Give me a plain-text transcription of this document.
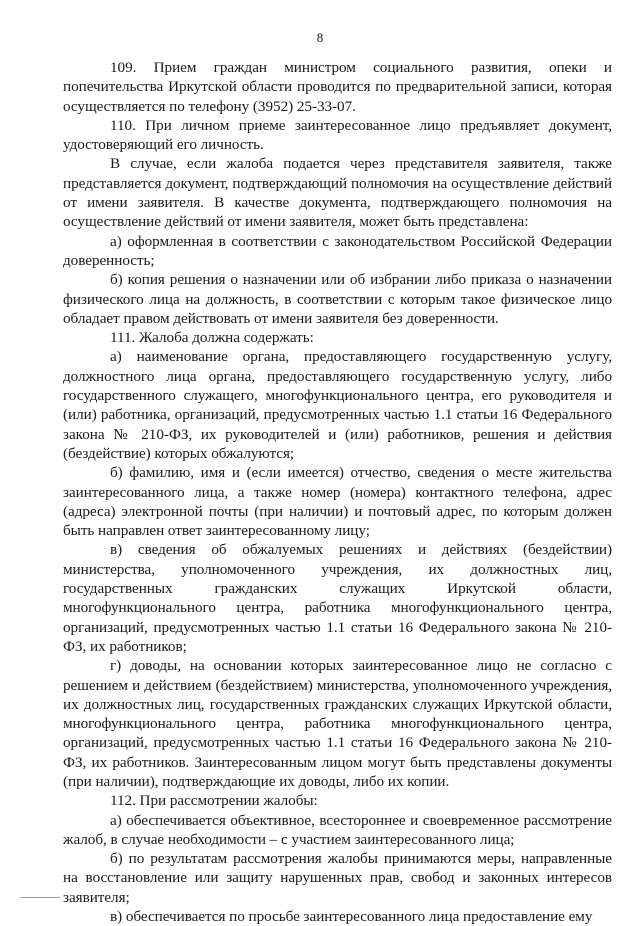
8

109. Прием граждан министром социального развития, опеки и попечительства Иркутской области проводится по предварительной записи, которая осуществляется по телефону (3952) 25-33-07.

110. При личном приеме заинтересованное лицо предъявляет документ, удостоверяющий его личность.

В случае, если жалоба подается через представителя заявителя, также представляется документ, подтверждающий полномочия на осуществление действий от имени заявителя. В качестве документа, подтверждающего полномочия на осуществление действий от имени заявителя, может быть представлена:

а) оформленная в соответствии с законодательством Российской Федерации доверенность;

б) копия решения о назначении или об избрании либо приказа о назначении физического лица на должность, в соответствии с которым такое физическое лицо обладает правом действовать от имени заявителя без доверенности.

111. Жалоба должна содержать:

а) наименование органа, предоставляющего государственную услугу, должностного лица органа, предоставляющего государственную услугу, либо государственного служащего, многофункционального центра, его руководителя и (или) работника, организаций, предусмотренных частью 1.1 статьи 16 Федерального закона № 210-ФЗ, их руководителей и (или) работников, решения и действия (бездействие) которых обжалуются;

б) фамилию, имя и (если имеется) отчество, сведения о месте жительства заинтересованного лица, а также номер (номера) контактного телефона, адрес (адреса) электронной почты (при наличии) и почтовый адрес, по которым должен быть направлен ответ заинтересованному лицу;

в) сведения об обжалуемых решениях и действиях (бездействии) министерства, уполномоченного учреждения, их должностных лиц, государственных гражданских служащих Иркутской области, многофункционального центра, работника многофункционального центра, организаций, предусмотренных частью 1.1 статьи 16 Федерального закона № 210-ФЗ, их работников;

г) доводы, на основании которых заинтересованное лицо не согласно с решением и действием (бездействием) министерства, уполномоченного учреждения, их должностных лиц, государственных гражданских служащих Иркутской области, многофункционального центра, работника многофункционального центра, организаций, предусмотренных частью 1.1 статьи 16 Федерального закона № 210-ФЗ, их работников. Заинтересованным лицом могут быть представлены документы (при наличии), подтверждающие их доводы, либо их копии.

112. При рассмотрении жалобы:

а) обеспечивается объективное, всестороннее и своевременное рассмотрение жалоб, в случае необходимости – с участием заинтересованного лица;

б) по результатам рассмотрения жалобы принимаются меры, направленные на восстановление или защиту нарушенных прав, свобод и законных интересов заявителя;

в) обеспечивается по просьбе заинтересованного лица предоставление ему
